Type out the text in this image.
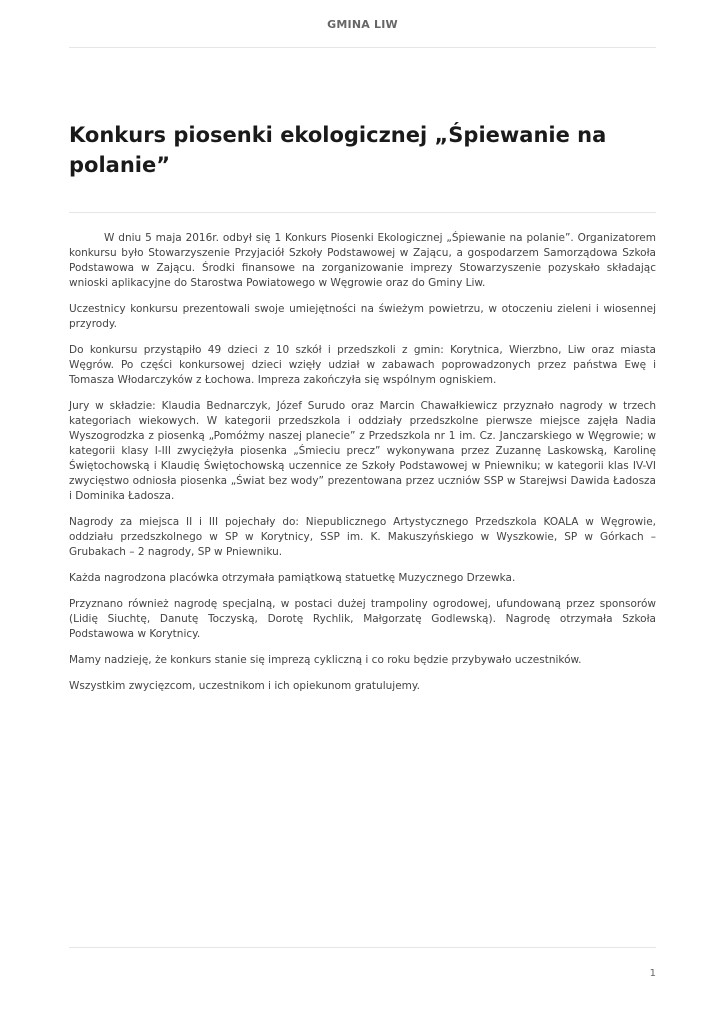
GMINA LIW
Konkurs piosenki ekologicznej „Śpiewanie na polanie”

W dniu 5 maja 2016r. odbył się 1 Konkurs Piosenki Ekologicznej „Śpiewanie na polanie”. Organizatorem konkursu było Stowarzyszenie Przyjaciół Szkoły Podstawowej w Zającu, a gospodarzem Samorządowa Szkoła Podstawowa w Zającu. Środki finansowe na zorganizowanie imprezy Stowarzyszenie pozyskało składając wnioski aplikacyjne do Starostwa Powiatowego w Węgrowie oraz do Gminy Liw.

Uczestnicy konkursu prezentowali swoje umiejętności na świeżym powietrzu, w otoczeniu zieleni i wiosennej przyrody.

Do konkursu przystąpiło 49 dzieci z 10 szkół i przedszkoli z gmin: Korytnica, Wierzbno, Liw oraz miasta Węgrów. Po części konkursowej dzieci wzięły udział w zabawach poprowadzonych przez państwa Ewę i Tomasza Włodarczyków z Łochowa. Impreza zakończyła się wspólnym ogniskiem.

Jury w składzie: Klaudia Bednarczyk, Józef Surudo oraz Marcin Chawałkiewicz przyznało nagrody w trzech kategoriach wiekowych. W kategorii przedszkola i oddziały przedszkolne pierwsze miejsce zajęła Nadia Wyszogrodzka z piosenką „Pomóżmy naszej planecie” z Przedszkola nr 1 im. Cz. Janczarskiego w Węgrowie; w kategorii klasy I-III zwyciężyła piosenka „Śmieciu precz” wykonywana przez Zuzannę Laskowską, Karolinę Świętochowską i Klaudię Świętochowską uczennice ze Szkoły Podstawowej w Pniewniku; w kategorii klas IV-VI zwycięstwo odniosła piosenka „Świat bez wody” prezentowana przez uczniów SSP w Starejwsi Dawida Ładosza i Dominika Ładosza.

Nagrody za miejsca II i III pojechały do: Niepublicznego Artystycznego Przedszkola KOALA w Węgrowie, oddziału przedszkolnego w SP w Korytnicy, SSP im. K. Makuszyńskiego w Wyszkowie, SP w Górkach – Grubakach – 2 nagrody, SP w Pniewniku.

Każda nagrodzona placówka otrzymała pamiątkową statuetkę Muzycznego Drzewka.

Przyznano również nagrodę specjalną, w postaci dużej trampoliny ogrodowej, ufundowaną przez sponsorów (Lidię Siuchtę, Danutę Toczyską, Dorotę Rychlik, Małgorzatę Godlewską). Nagrodę otrzymała Szkoła Podstawowa w Korytnicy.

Mamy nadzieję, że konkurs stanie się imprezą cykliczną i co roku będzie przybywało uczestników.

Wszystkim zwycięzcom, uczestnikom i ich opiekunom gratulujemy.

1
